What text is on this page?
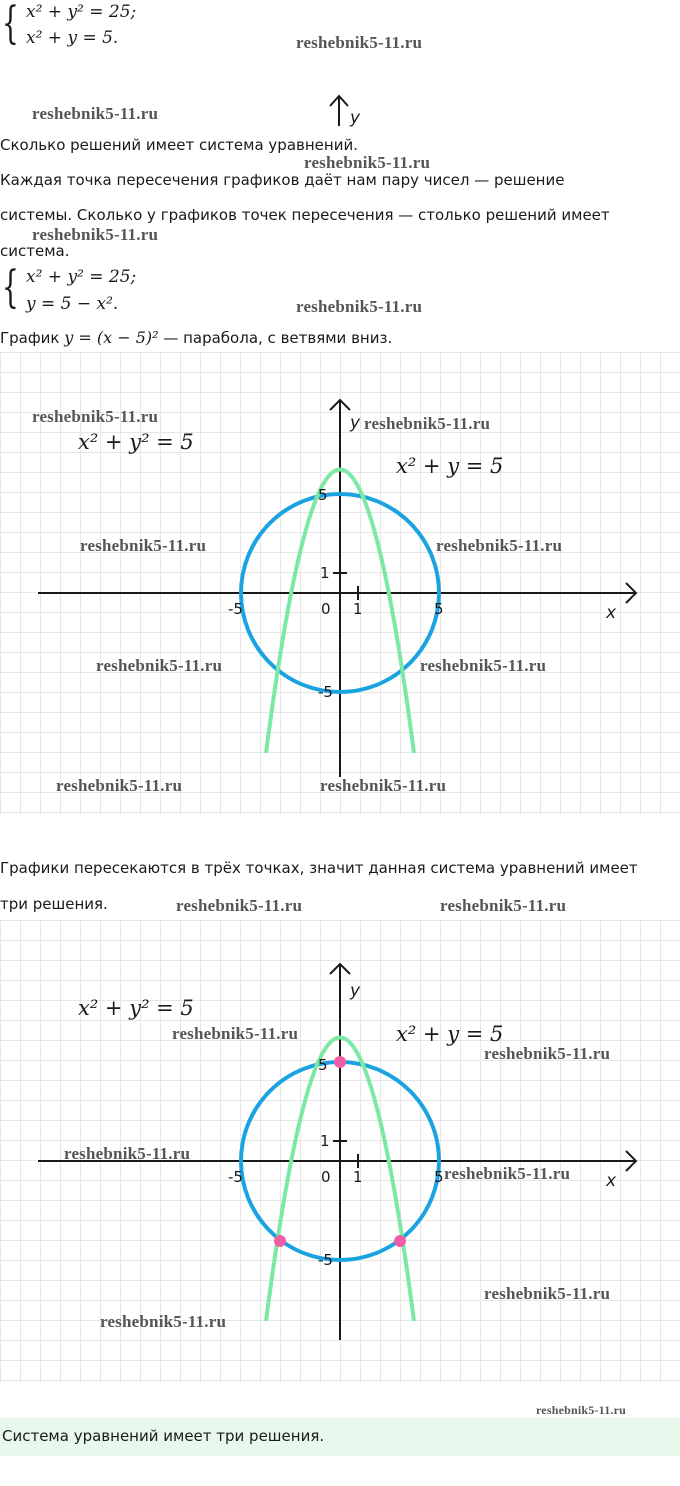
{ x² + y² = 25;
x² + y = 5.	reshebnik5-11.ru
y
reshebnik5-11.ru
Сколько решений имеет система уравнений.
reshebnik5-11.ru
Каждая точка пересечения графиков даёт нам пару чисел — решение
системы. Сколько у графиков точек пересечения — столько решений имеет
reshebnik5-11.ru
система.
{ x² + y² = 25;
y = 5 − x².	reshebnik5-11.ru
График y = (x − 5)² — парабола, с ветвями вниз.
-5	5
1
0
1
5
-5
x
y
x² + y² = 5
x² + y = 5
reshebnik5-11.ru	reshebnik5-11.ru
reshebnik5-11.ru	reshebnik5-11.ru
reshebnik5-11.ru	reshebnik5-11.ru
reshebnik5-11.ru	reshebnik5-11.ru
Графики пересекаются в трёх точках, значит данная система уравнений имеет
три решения.	reshebnik5-11.ru	reshebnik5-11.ru
-5	5
1
0
1
5
-5
x
y
x² + y² = 5
x² + y = 5
reshebnik5-11.ru
reshebnik5-11.ru
reshebnik5-11.ru
reshebnik5-11.ru
reshebnik5-11.ru
reshebnik5-11.ru
reshebnik5-11.ru
Система уравнений имеет три решения.
